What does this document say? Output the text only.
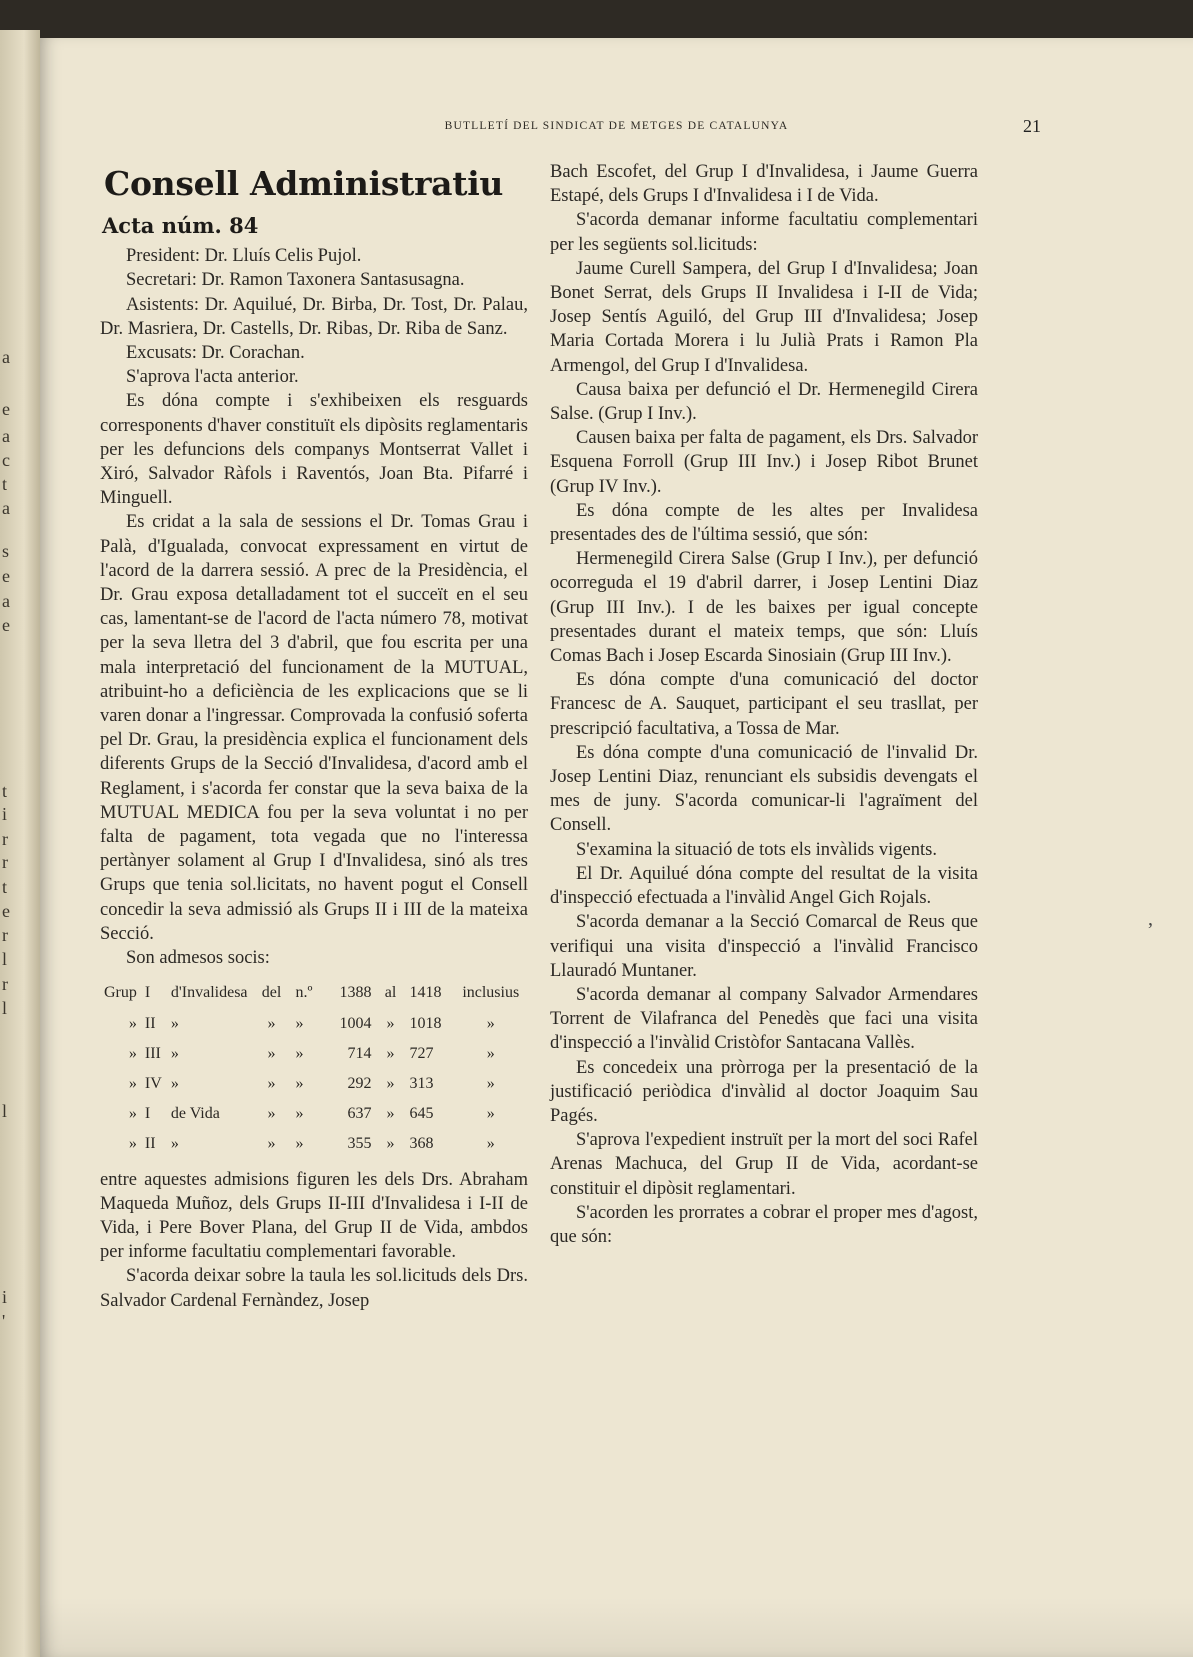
a
e
a
c
t
a
s
e
a
e
t
i
r
r
t
e
r
l
r
l
l
i
'
BUTLLETÍ DEL SINDICAT DE METGES DE CATALUNYA	21
Consell Administratiu
Acta núm. 84

President: Dr. Lluís Celis Pujol.

Secretari: Dr. Ramon Taxonera Santasusagna.

Asistents: Dr. Aquilué, Dr. Birba, Dr. Tost, Dr. Palau, Dr. Masriera, Dr. Castells, Dr. Ribas, Dr. Riba de Sanz.

Excusats: Dr. Corachan.

S'aprova l'acta anterior.

Es dóna compte i s'exhibeixen els resguards corresponents d'haver constituït els dipòsits reglamentaris per les defuncions dels companys Montserrat Vallet i Xiró, Salvador Ràfols i Raventós, Joan Bta. Pifarré i Minguell.

Es cridat a la sala de sessions el Dr. Tomas Grau i Palà, d'Igualada, convocat expressament en virtut de l'acord de la darrera sessió. A prec de la Presidència, el Dr. Grau exposa detalladament tot el succeït en el seu cas, lamentant-se de l'acord de l'acta número 78, motivat per la seva lletra del 3 d'abril, que fou escrita per una mala interpretació del funcionament de la MUTUAL, atribuint-ho a deficiència de les explicacions que se li varen donar a l'ingressar. Comprovada la confusió soferta pel Dr. Grau, la presidència explica el funcionament dels diferents Grups de la Secció d'Invalidesa, d'acord amb el Reglament, i s'acorda fer constar que la seva baixa de la MUTUAL MEDICA fou per la seva voluntat i no per falta de pagament, tota vegada que no l'interessa pertànyer solament al Grup I d'Invalidesa, sinó als tres Grups que tenia sol.licitats, no havent pogut el Consell concedir la seva admissió als Grups II i III de la mateixa Secció.

Son admesos socis:

Grup	I	d'Invalidesa	del	n.º	1388	al	1418	inclusius
»	II	»	»	»	1004	»	1018	»
»	III	»	»	»	714	»	727	»
»	IV	»	»	»	292	»	313	»
»	I	de Vida	»	»	637	»	645	»
»	II	»	»	»	355	»	368	»

entre aquestes admisions figuren les dels Drs. Abraham Maqueda Muñoz, dels Grups II-III d'Invalidesa i I-II de Vida, i Pere Bover Plana, del Grup II de Vida, ambdos per informe facultatiu complementari favorable.

S'acorda deixar sobre la taula les sol.licituds dels Drs. Salvador Cardenal Fernàndez, Josep

Bach Escofet, del Grup I d'Invalidesa, i Jaume Guerra Estapé, dels Grups I d'Invalidesa i I de Vida.

S'acorda demanar informe facultatiu complementari per les següents sol.licituds:

Jaume Curell Sampera, del Grup I d'Invalidesa; Joan Bonet Serrat, dels Grups II Invalidesa i I-II de Vida; Josep Sentís Aguiló, del Grup III d'Invalidesa; Josep Maria Cortada Morera i lu Julià Prats i Ramon Pla Armengol, del Grup I d'Invalidesa.

Causa baixa per defunció el Dr. Hermenegild Cirera Salse. (Grup I Inv.).

Causen baixa per falta de pagament, els Drs. Salvador Esquena Forroll (Grup III Inv.) i Josep Ribot Brunet (Grup IV Inv.).

Es dóna compte de les altes per Invalidesa presentades des de l'última sessió, que són:

Hermenegild Cirera Salse (Grup I Inv.), per defunció ocorreguda el 19 d'abril darrer, i Josep Lentini Diaz (Grup III Inv.). I de les baixes per igual concepte presentades durant el mateix temps, que són: Lluís Comas Bach i Josep Escarda Sinosiain (Grup III Inv.).

Es dóna compte d'una comunicació del doctor Francesc de A. Sauquet, participant el seu trasllat, per prescripció facultativa, a Tossa de Mar.

Es dóna compte d'una comunicació de l'invalid Dr. Josep Lentini Diaz, renunciant els subsidis devengats el mes de juny. S'acorda comunicar-li l'agraïment del Consell.

S'examina la situació de tots els invàlids vigents.

El Dr. Aquilué dóna compte del resultat de la visita d'inspecció efectuada a l'invàlid Angel Gich Rojals.

S'acorda demanar a la Secció Comarcal de Reus que verifiqui una visita d'inspecció a l'invàlid Francisco Llauradó Muntaner.

S'acorda demanar al company Salvador Armendares Torrent de Vilafranca del Penedès que faci una visita d'inspecció a l'invàlid Cristòfor Santacana Vallès.

Es concedeix una pròrroga per la presentació de la justificació periòdica d'invàlid al doctor Joaquim Sau Pagés.

S'aprova l'expedient instruït per la mort del soci Rafel Arenas Machuca, del Grup II de Vida, acordant-se constituir el dipòsit reglamentari.

S'acorden les prorrates a cobrar el proper mes d'agost, que són:

,
